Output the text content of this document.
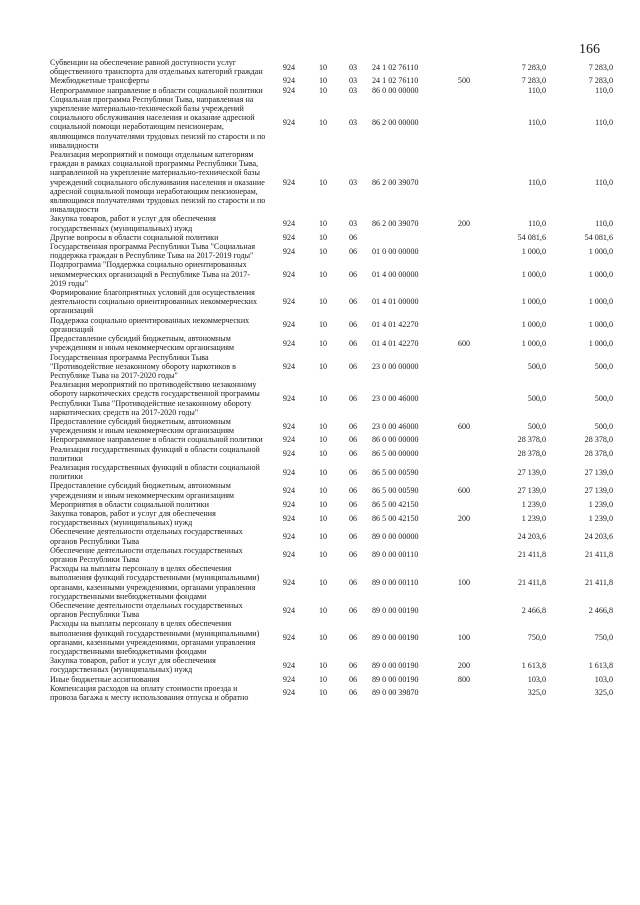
166
Субвенции на обеспечение равной доступности услуг общественного транспорта для отдельных категорий граждан	924	10	03	24 1 02 76110		7 283,0	7 283,0
Межбюджетные трансферты	924	10	03	24 1 02 76110	500	7 283,0	7 283,0
Непрограммное направление в области социальной политики	924	10	03	86 0 00 00000		110,0	110,0
Социальная программа Республики Тыва, направленная на укрепление материально-технической базы учреждений социального обслуживания населения и оказание адресной социальной помощи неработающим пенсионерам, являющимся получателями трудовых пенсий по старости и по инвалидности	924	10	03	86 2 00 00000		110,0	110,0
Реализация мероприятий и помощи отдельным категориям граждан в рамках социальной программы Республики Тыва, направленной на укрепление материально-технической базы учреждений социального обслуживания населения и оказание адресной социальной помощи неработающим пенсионерам, являющимся получателями трудовых пенсий по старости и по инвалидности	924	10	03	86 2 00 39070		110,0	110,0
Закупка товаров, работ и услуг для обеспечения государственных (муниципальных) нужд	924	10	03	86 2 00 39070	200	110,0	110,0
Другие вопросы в области социальной политики	924	10	06			54 081,6	54 081,6
Государственная программа Республики Тыва "Социальная поддержка граждан в Республике Тыва на 2017-2019 годы"	924	10	06	01 0 00 00000		1 000,0	1 000,0
Подпрограмма "Поддержка социально ориентированных некоммерческих организаций в Республике Тыва на 2017-2019 годы"	924	10	06	01 4 00 00000		1 000,0	1 000,0
Формирование благоприятных условий для осуществления деятельности социально ориентированных некоммерческих организаций	924	10	06	01 4 01 00000		1 000,0	1 000,0
Поддержка социально ориентированных некоммерческих организаций	924	10	06	01 4 01 42270		1 000,0	1 000,0
Предоставление субсидий бюджетным, автономным учреждениям и иным некоммерческим организациям	924	10	06	01 4 01 42270	600	1 000,0	1 000,0
Государственная программа Республики Тыва "Противодействие незаконному обороту наркотиков в Республике Тыва на 2017-2020 годы"	924	10	06	23 0 00 00000		500,0	500,0
Реализация мероприятий по противодействию незаконному обороту наркотических средств государственной программы Республики Тыва "Противодействие незаконному обороту наркотических средств на 2017-2020 годы"	924	10	06	23 0 00 46000		500,0	500,0
Предоставление субсидий бюджетным, автономным учреждениям и иным некоммерческим организациям	924	10	06	23 0 00 46000	600	500,0	500,0
Непрограммное направление в области социальной политики	924	10	06	86 0 00 00000		28 378,0	28 378,0
Реализация государственных функций в области социальной политики	924	10	06	86 5 00 00000		28 378,0	28 378,0
Реализация государственных функций в области социальной политики	924	10	06	86 5 00 00590		27 139,0	27 139,0
Предоставление субсидий бюджетным, автономным учреждениям и иным некоммерческим организациям	924	10	06	86 5 00 00590	600	27 139,0	27 139,0
Мероприятия в области социальной политики	924	10	06	86 5 00 42150		1 239,0	1 239,0
Закупка товаров, работ и услуг для обеспечения государственных (муниципальных) нужд	924	10	06	86 5 00 42150	200	1 239,0	1 239,0
Обеспечение деятельности отдельных государственных органов Республики Тыва	924	10	06	89 0 00 00000		24 203,6	24 203,6
Обеспечение деятельности отдельных государственных органов Республики Тыва	924	10	06	89 0 00 00110		21 411,8	21 411,8
Расходы на выплаты персоналу в целях обеспечения выполнения функций государственными (муниципальными) органами, казенными учреждениями, органами управления государственными внебюджетными фондами	924	10	06	89 0 00 00110	100	21 411,8	21 411,8
Обеспечение деятельности отдельных государственных органов Республики Тыва	924	10	06	89 0 00 00190		2 466,8	2 466,8
Расходы на выплаты персоналу в целях обеспечения выполнения функций государственными (муниципальными) органами, казенными учреждениями, органами управления государственными внебюджетными фондами	924	10	06	89 0 00 00190	100	750,0	750,0
Закупка товаров, работ и услуг для обеспечения государственных (муниципальных) нужд	924	10	06	89 0 00 00190	200	1 613,8	1 613,8
Иные бюджетные ассигнования	924	10	06	89 0 00 00190	800	103,0	103,0
Компенсация расходов на оплату стоимости проезда и провоза багажа к месту использования отпуска и обратно	924	10	06	89 0 00 39870		325,0	325,0
